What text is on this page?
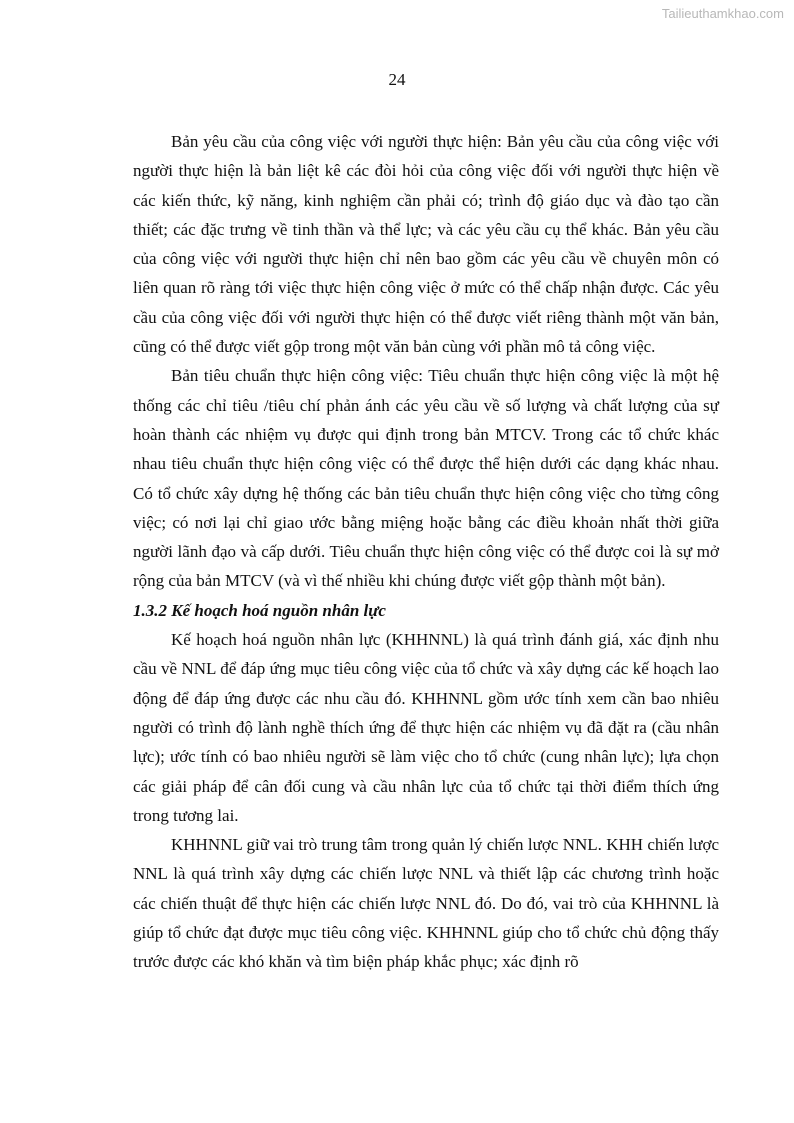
Tailieuthamkhao.com
24

Bản yêu cầu của công việc với người thực hiện: Bản yêu cầu của công việc với người thực hiện là bản liệt kê các đòi hỏi của công việc đối với người thực hiện về các kiến thức, kỹ năng, kinh nghiệm cần phải có; trình độ giáo dục và đào tạo cần thiết; các đặc trưng về tinh thần và thể lực; và các yêu cầu cụ thể khác. Bản yêu cầu của công việc với người thực hiện chỉ nên bao gồm các yêu cầu về chuyên môn có liên quan rõ ràng tới việc thực hiện công việc ở mức có thể chấp nhận được. Các yêu cầu của công việc đối với người thực hiện có thể được viết riêng thành một văn bản, cũng có thể được viết gộp trong một văn bản cùng với phần mô tả công việc.

Bản tiêu chuẩn thực hiện công việc: Tiêu chuẩn thực hiện công việc là một hệ thống các chỉ tiêu /tiêu chí phản ánh các yêu cầu về số lượng và chất lượng của sự hoàn thành các nhiệm vụ được qui định trong bản MTCV. Trong các tổ chức khác nhau tiêu chuẩn thực hiện công việc có thể được thể hiện dưới các dạng khác nhau. Có tổ chức xây dựng hệ thống các bản tiêu chuẩn thực hiện công việc cho từng công việc; có nơi lại chỉ giao ước bằng miệng hoặc bằng các điều khoản nhất thời giữa người lãnh đạo và cấp dưới. Tiêu chuẩn thực hiện công việc có thể được coi là sự mở rộng của bản MTCV (và vì thế nhiều khi chúng được viết gộp thành một bản).

1.3.2 Kế hoạch hoá nguồn nhân lực

Kế hoạch hoá nguồn nhân lực (KHHNNL) là quá trình đánh giá, xác định nhu cầu về NNL để đáp ứng mục tiêu công việc của tổ chức và xây dựng các kế hoạch lao động để đáp ứng được các nhu cầu đó. KHHNNL gồm ước tính xem cần bao nhiêu người có trình độ lành nghề thích ứng để thực hiện các nhiệm vụ đã đặt ra (cầu nhân lực); ước tính có bao nhiêu người sẽ làm việc cho tổ chức (cung nhân lực); lựa chọn các giải pháp để cân đối cung và cầu nhân lực của tổ chức tại thời điểm thích ứng trong tương lai.

KHHNNL giữ vai trò trung tâm trong quản lý chiến lược NNL. KHH chiến lược NNL là quá trình xây dựng các chiến lược NNL và thiết lập các chương trình hoặc các chiến thuật để thực hiện các chiến lược NNL đó. Do đó, vai trò của KHHNNL là giúp tổ chức đạt được mục tiêu công việc. KHHNNL giúp cho tổ chức chủ động thấy trước được các khó khăn và tìm biện pháp khắc phục; xác định rõ
